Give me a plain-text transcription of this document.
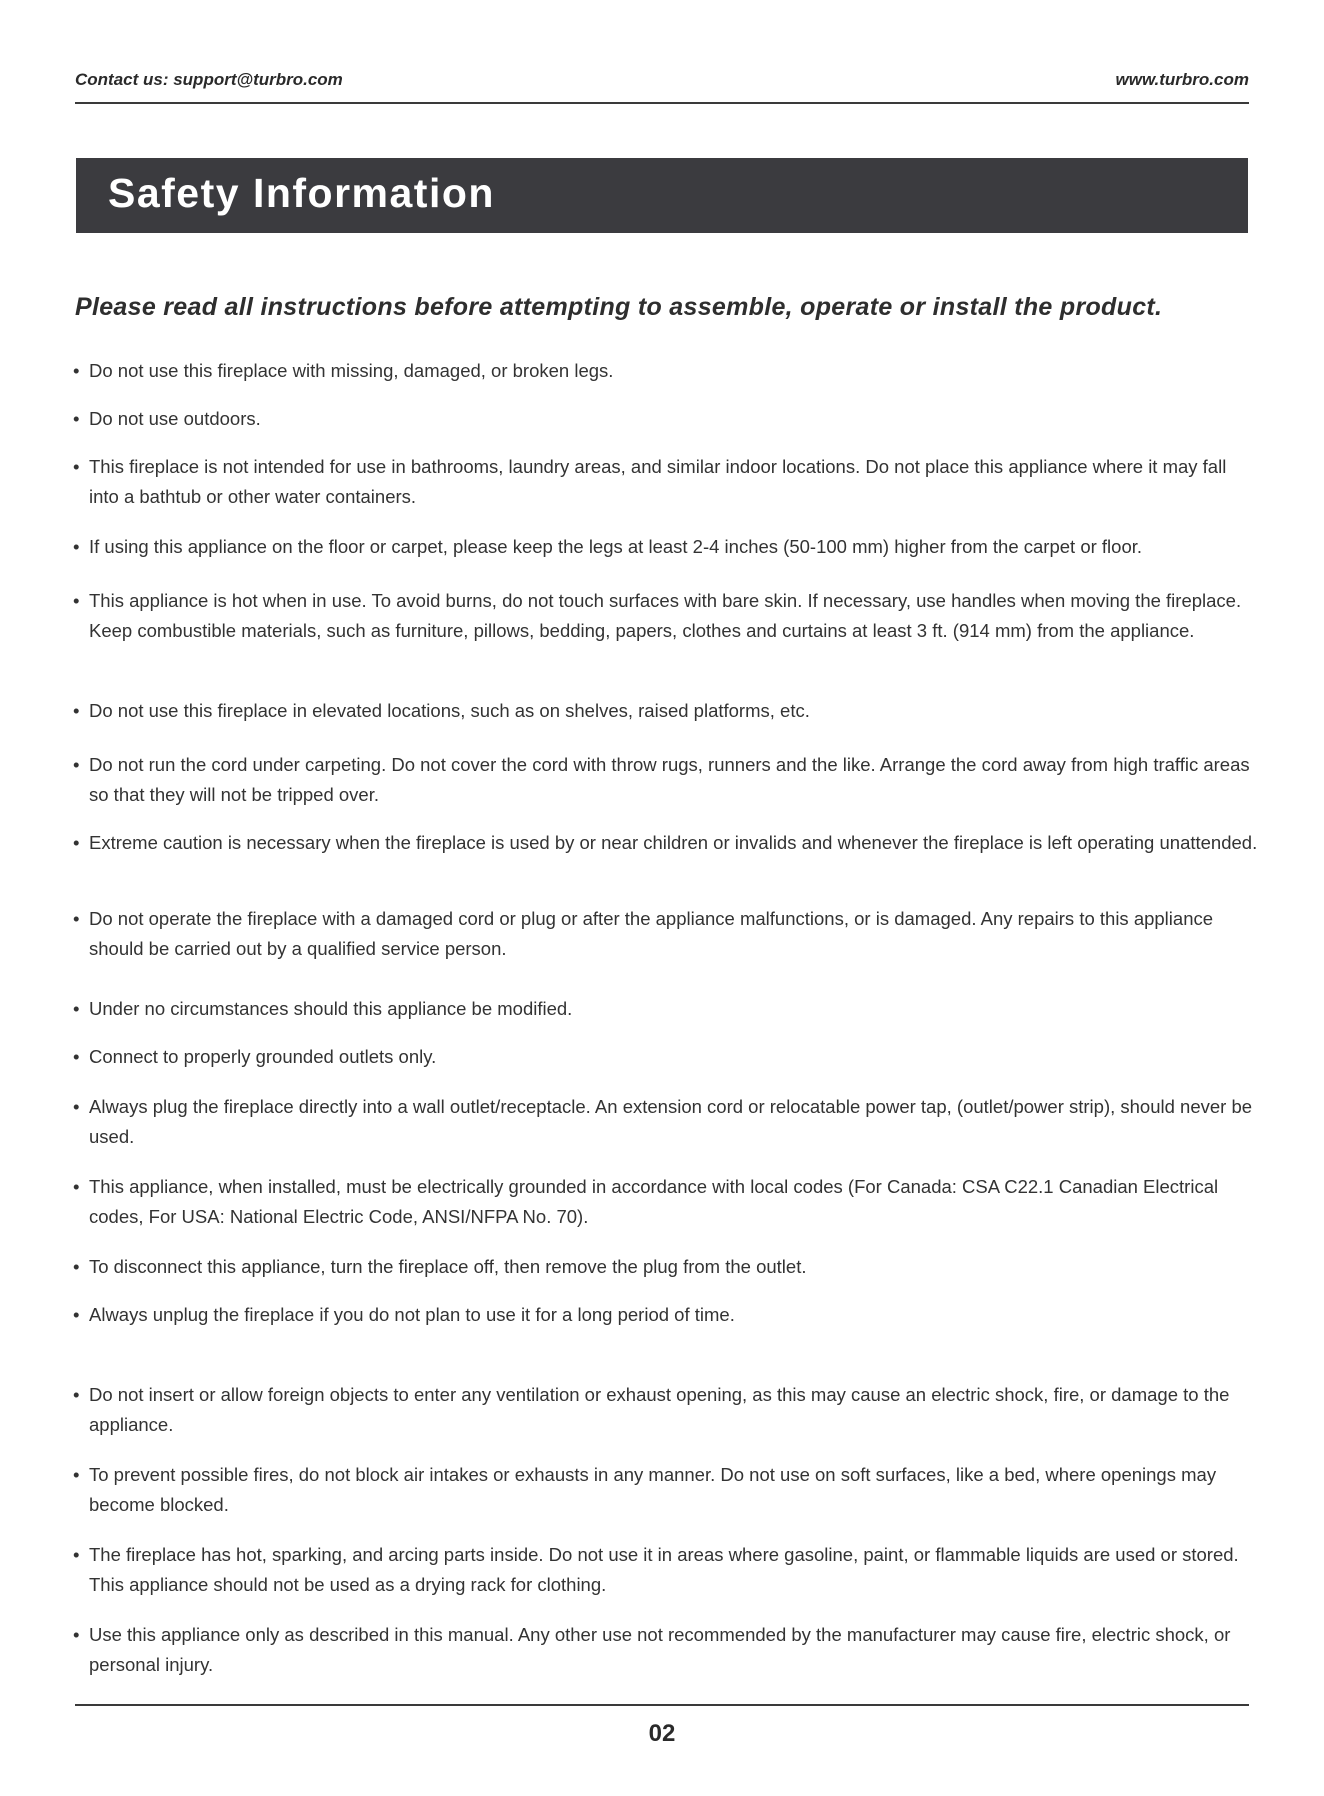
Contact us: support@turbro.com	www.turbro.com
Safety Information
Please read all instructions before attempting to assemble, operate or install the product.
• Do not use this fireplace with missing, damaged, or broken legs.
• Do not use outdoors.
• This fireplace is not intended for use in bathrooms, laundry areas, and similar indoor locations. Do not place this appliance where it may fall into a bathtub or other water containers.
• If using this appliance on the floor or carpet, please keep the legs at least 2-4 inches (50-100 mm) higher from the carpet or floor.
• This appliance is hot when in use. To avoid burns, do not touch surfaces with bare skin. If necessary, use handles when moving the fireplace. Keep combustible materials, such as furniture, pillows, bedding, papers, clothes and curtains at least 3 ft. (914 mm) from the appliance.
• Do not use this fireplace in elevated locations, such as on shelves, raised platforms, etc.
• Do not run the cord under carpeting. Do not cover the cord with throw rugs, runners and the like. Arrange the cord away from high traffic areas so that they will not be tripped over.
• Extreme caution is necessary when the fireplace is used by or near children or invalids and whenever the fireplace is left operating unattended.
• Do not operate the fireplace with a damaged cord or plug or after the appliance malfunctions, or is damaged. Any repairs to this appliance should be carried out by a qualified service person.
• Under no circumstances should this appliance be modified.
• Connect to properly grounded outlets only.
• Always plug the fireplace directly into a wall outlet/receptacle. An extension cord or relocatable power tap, (outlet/power strip), should never be used.
• This appliance, when installed, must be electrically grounded in accordance with local codes (For Canada: CSA C22.1 Canadian Electrical codes, For USA: National Electric Code, ANSI/NFPA No. 70).
• To disconnect this appliance, turn the fireplace off, then remove the plug from the outlet.
• Always unplug the fireplace if you do not plan to use it for a long period of time.
• Do not insert or allow foreign objects to enter any ventilation or exhaust opening, as this may cause an electric shock, fire, or damage to the appliance.
• To prevent possible fires, do not block air intakes or exhausts in any manner. Do not use on soft surfaces, like a bed, where openings may become blocked.
• The fireplace has hot, sparking, and arcing parts inside. Do not use it in areas where gasoline, paint, or flammable liquids are used or stored. This appliance should not be used as a drying rack for clothing.
• Use this appliance only as described in this manual. Any other use not recommended by the manufacturer may cause fire, electric shock, or personal injury.
02
